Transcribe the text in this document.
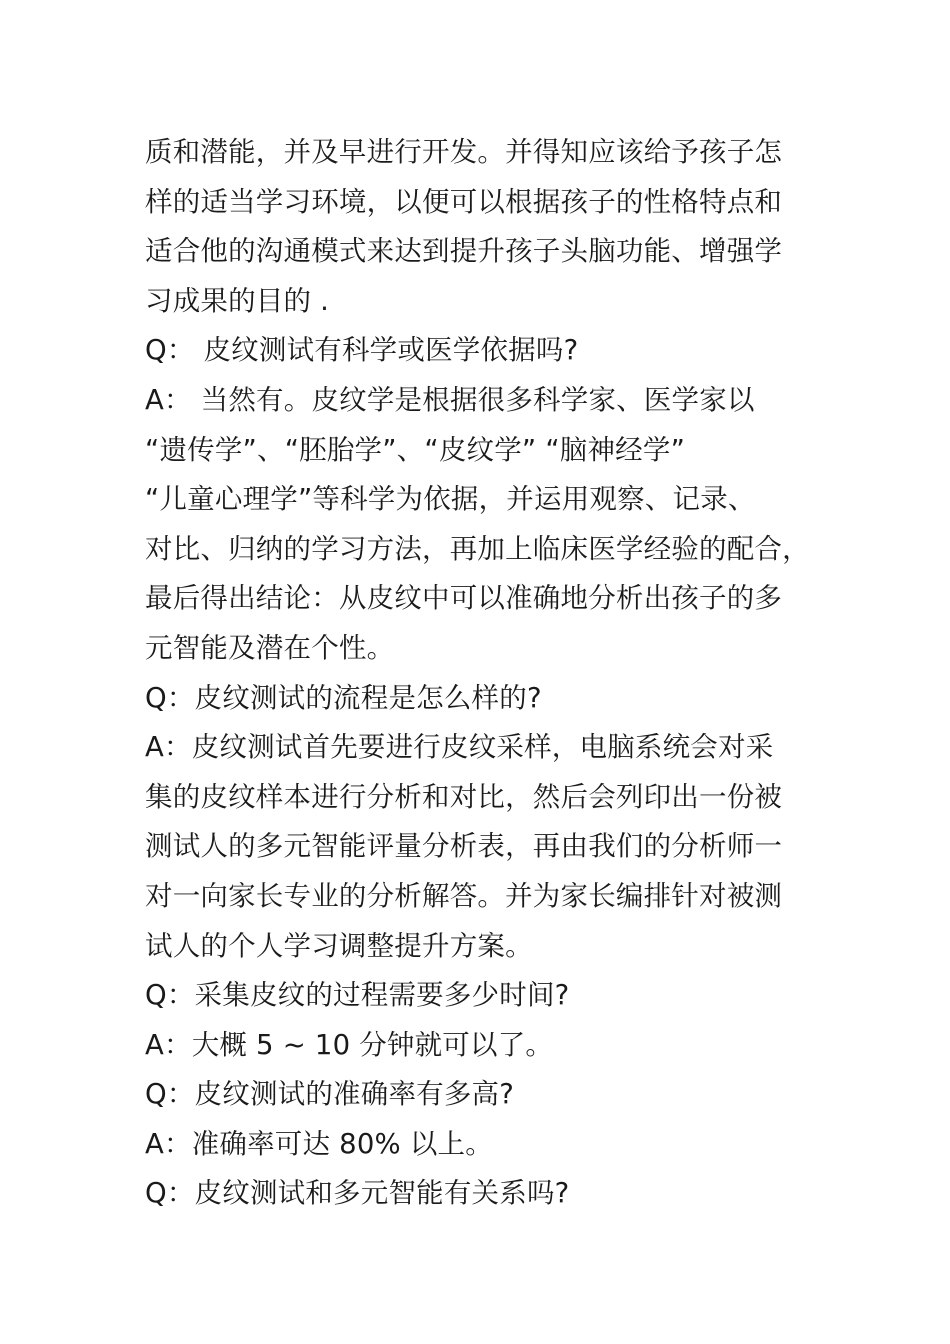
质和潜能，并及早进行开发。并得知应该给予孩子怎
样的适当学习环境，以便可以根据孩子的性格特点和
适合他的沟通模式来达到提升孩子头脑功能、增强学
习成果的目的 .
Q： 皮纹测试有科学或医学依据吗?
A： 当然有。皮纹学是根据很多科学家、医学家以
“遗传学”、“胚胎学”、“皮纹学” “脑神经学”
“儿童心理学”等科学为依据，并运用观察、记录、
对比、归纳的学习方法，再加上临床医学经验的配合，
最后得出结论：从皮纹中可以准确地分析出孩子的多
元智能及潜在个性。
Q：皮纹测试的流程是怎么样的?
A：皮纹测试首先要进行皮纹采样，电脑系统会对采
集的皮纹样本进行分析和对比，然后会列印出一份被
测试人的多元智能评量分析表，再由我们的分析师一
对一向家长专业的分析解答。并为家长编排针对被测
试人的个人学习调整提升方案。
Q：采集皮纹的过程需要多少时间?
A：大概 5 ~ 10 分钟就可以了。
Q：皮纹测试的准确率有多高?
A：准确率可达 80% 以上。
Q：皮纹测试和多元智能有关系吗?
